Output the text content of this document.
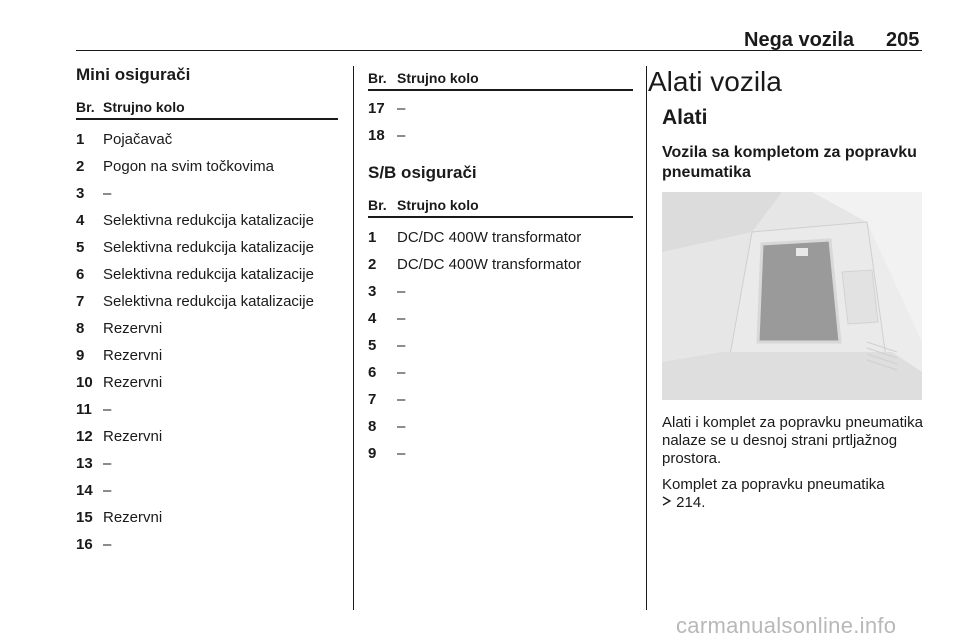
Nega vozila 205
Mini osigurači
Br. Strujno kolo
1	Pojačavač
2	Pogon na svim točkovima
3	–
4	Selektivna redukcija katalizacije
5	Selektivna redukcija katalizacije
6	Selektivna redukcija katalizacije
7	Selektivna redukcija katalizacije
8	Rezervni
9	Rezervni
10 Rezervni
11 –
12 Rezervni
13 –
14 –
15 Rezervni
16 –
Br. Strujno kolo
17 –
18 –
S/B osigurači
Br. Strujno kolo
1	DC/DC 400W transformator
2	DC/DC 400W transformator
3	–
4	–
5	–
6	–
7	–
8	–
9	–
Alati vozila
Alati
Vozila sa kompletom za popravku pneumatika
Alati i komplet za popravku pneumatika nalaze se u desnoj strani prtljažnog prostora.
Komplet za popravku pneumatika
214.
carmanualsonline.info
